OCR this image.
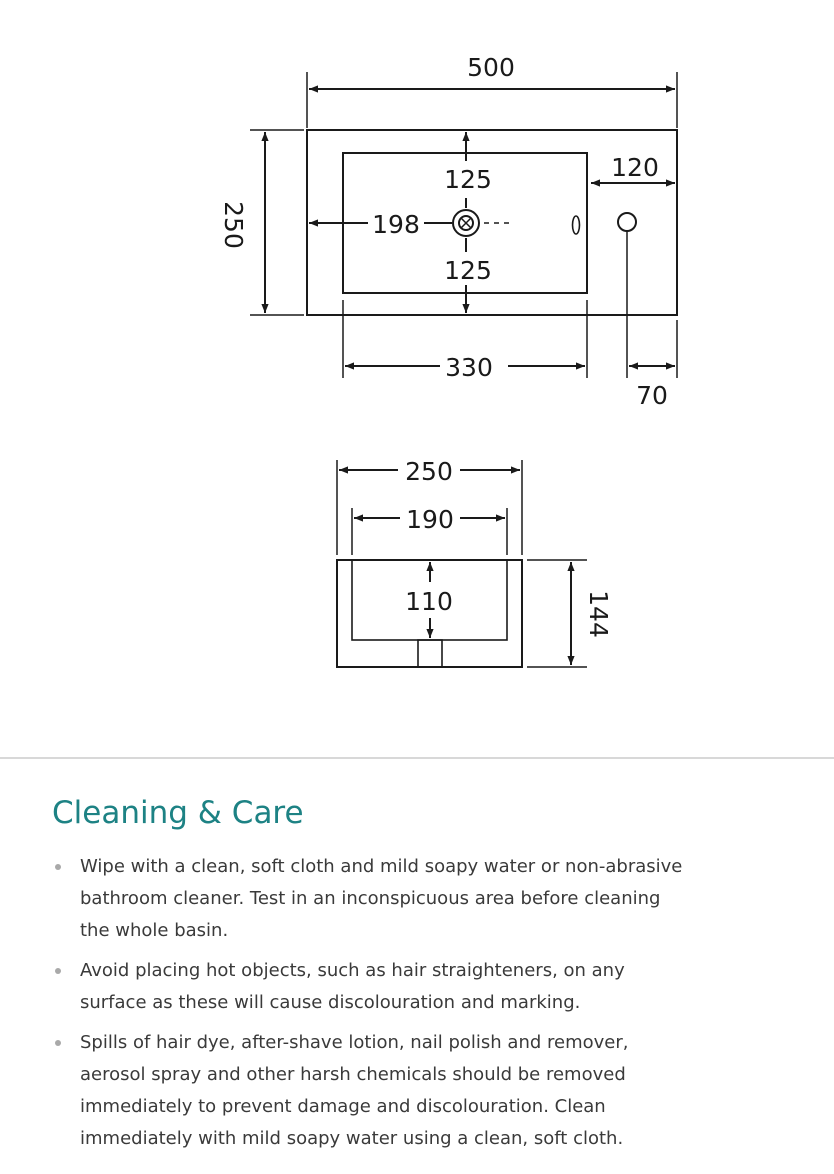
500
250
125
125
198
120
330
70
250
190
110	144
Cleaning & Care
Wipe with a clean, soft cloth and mild soapy water or non-abrasive bathroom cleaner. Test in an inconspicuous area before cleaning the whole basin.
Avoid placing hot objects, such as hair straighteners, on any surface as these will cause discolouration and marking.
Spills of hair dye, after-shave lotion, nail polish and remover, aerosol spray and other harsh chemicals should be removed immediately to prevent damage and discolouration. Clean immediately with mild soapy water using a clean, soft cloth.
